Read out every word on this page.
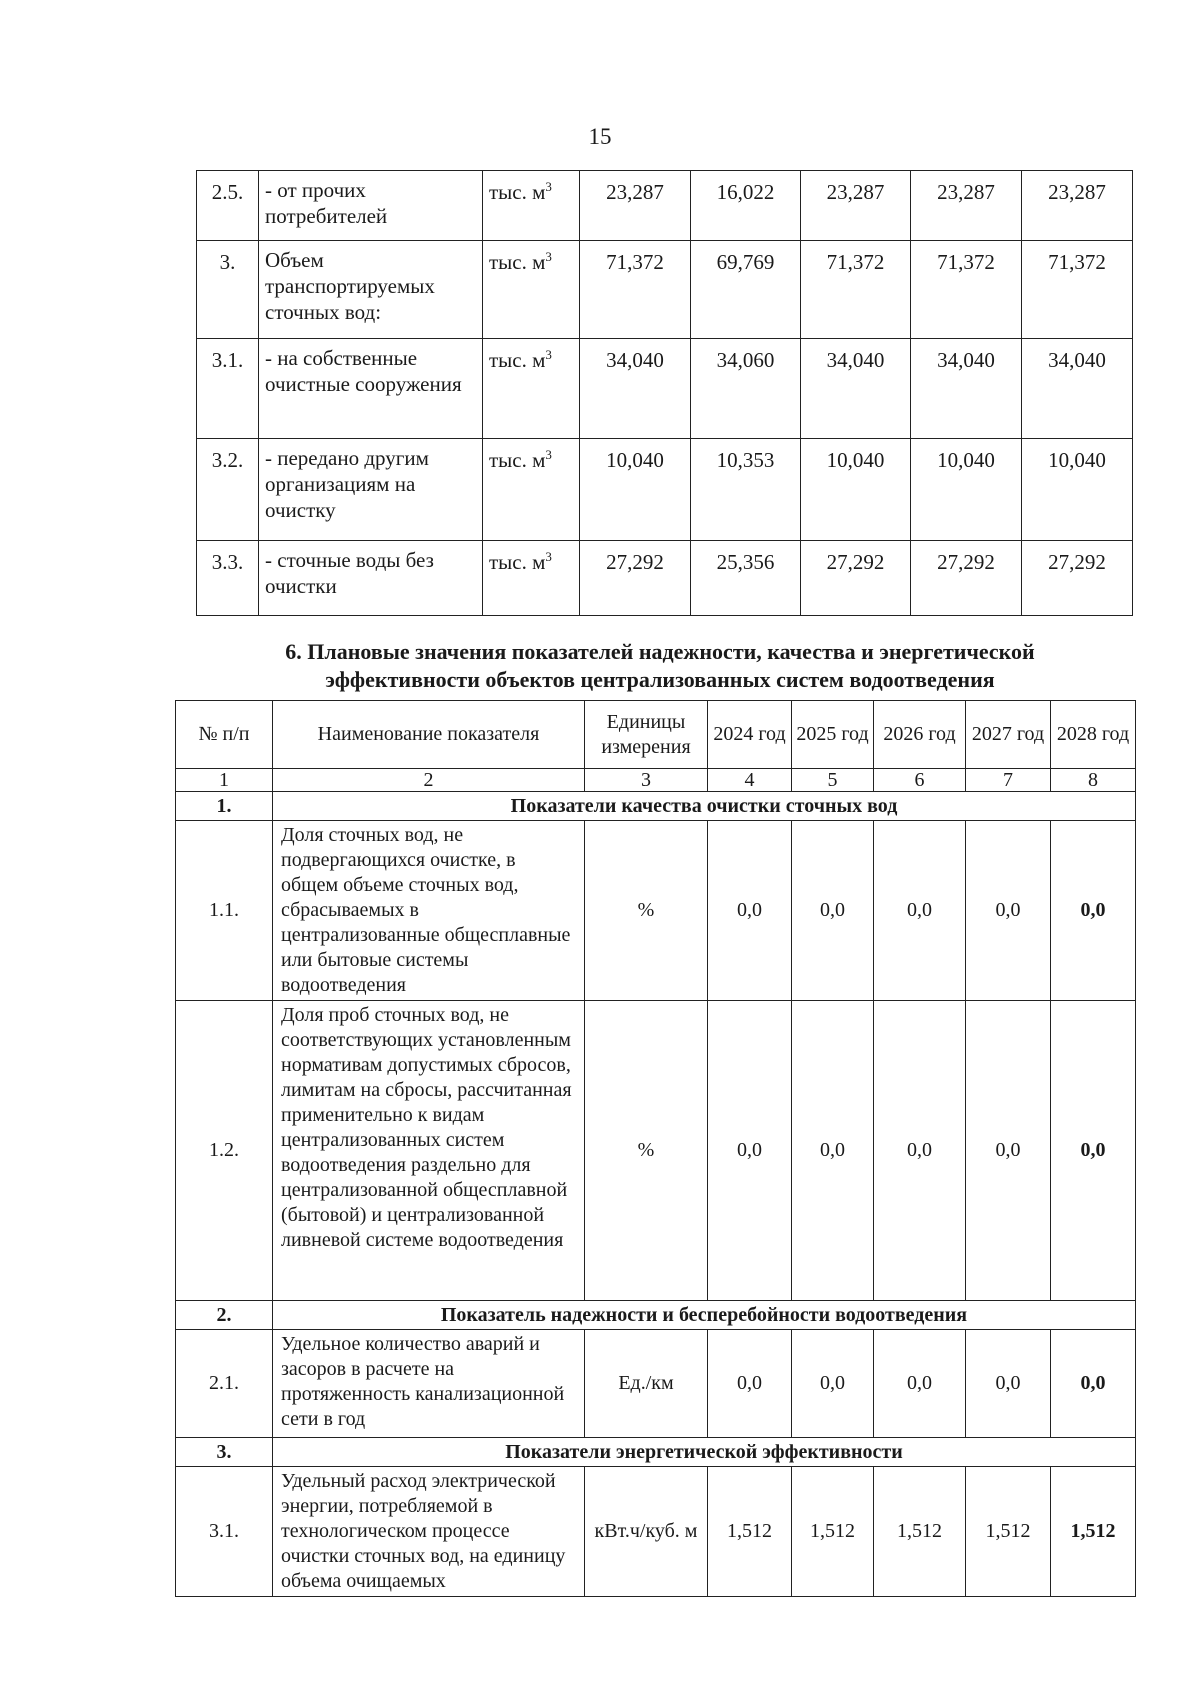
15
2.5.	- от прочих потребителей	тыс. $м^3$	23,287	16,022	23,287	23,287	23,287
3.	Объем транспортируемых сточных вод:	тыс. $м^3$	71,372	69,769	71,372	71,372	71,372
3.1.	- на собственные очистные сооружения	тыс. $м^3$	34,040	34,060	34,040	34,040	34,040
3.2.	- передано другим организациям на очистку	тыс. $м^3$	10,040	10,353	10,040	10,040	10,040
3.3.	- сточные воды без очистки	тыс. $м^3$	27,292	25,356	27,292	27,292	27,292
6. Плановые значения показателей надежности, качества и энергетической
эффективности объектов централизованных систем водоотведения
№ п/п	Наименование показателя	Единицы измерения	2024 год	2025 год	2026 год	2027 год	2028 год
1	2	3	4	5	6	7	8
1.	Показатели качества очистки сточных вод						
1.1.	Доля сточных вод, не подвергающихся очистке, в общем объеме сточных вод, сбрасываемых в централизованные общесплавные или бытовые системы водоотведения	%	0,0	0,0	0,0	0,0	0,0
1.2.	Доля проб сточных вод, не соответствующих установленным нормативам допустимых сбросов, лимитам на сбросы, рассчитанная применительно к видам централизованных систем водоотведения раздельно для централизованной общесплавной (бытовой) и централизованной ливневой системе водоотведения	%	0,0	0,0	0,0	0,0	0,0
2.	Показатель надежности и бесперебойности водоотведения						
2.1.	Удельное количество аварий и засоров в расчете на протяженность канализационной сети в год	Ед./км	0,0	0,0	0,0	0,0	0,0
3.	Показатели энергетической эффективности						
3.1.	Удельный расход электрической энергии, потребляемой в технологическом процессе очистки сточных вод, на единицу объема очищаемых	кВт.ч/куб. м	1,512	1,512	1,512	1,512	1,512
